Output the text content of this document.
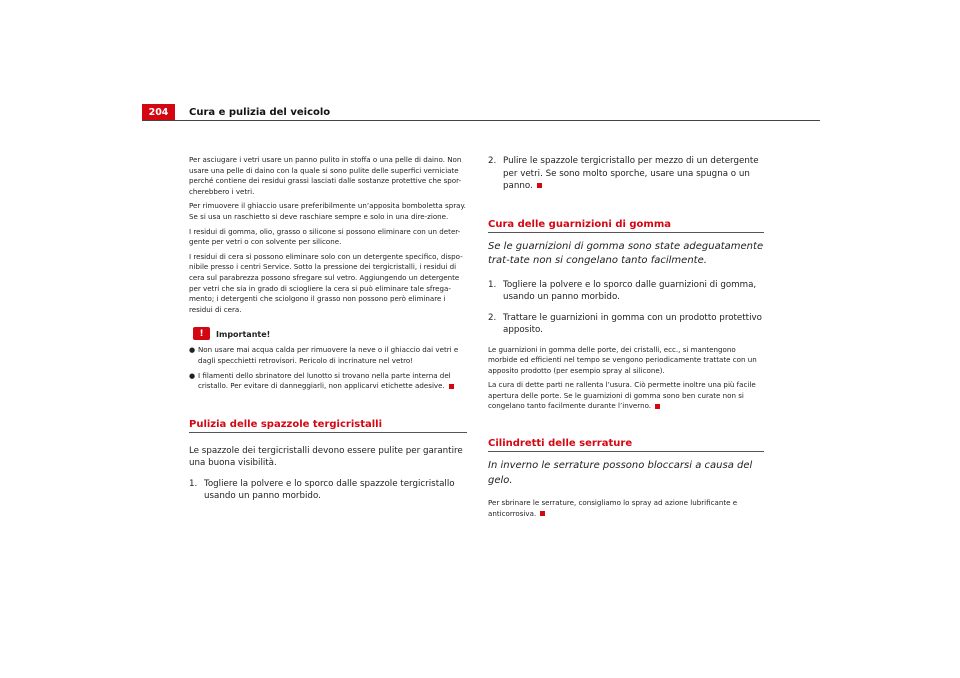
204	Cura e pulizia del veicolo

Per asciugare i vetri usare un panno pulito in stoffa o una pelle di daino. Non usare una pelle di daino con la quale si sono pulite delle superfici verniciate perché contiene dei residui grassi lasciati dalle sostanze protettive che spor-cherebbero i vetri.

Per rimuovere il ghiaccio usare preferibilmente un’apposita bomboletta spray. Se si usa un raschietto si deve raschiare sempre e solo in una dire-zione.

I residui di gomma, olio, grasso o silicone si possono eliminare con un deter-gente per vetri o con solvente per silicone.

I residui di cera si possono eliminare solo con un detergente specifico, dispo-nibile presso i centri Service. Sotto la pressione dei tergicristalli, i residui di cera sul parabrezza possono sfregare sul vetro. Aggiungendo un detergente per vetri che sia in grado di sciogliere la cera si può eliminare tale sfrega-mento; i detergenti che sciolgono il grasso non possono però eliminare i residui di cera.

!	Importante!
● Non usare mai acqua calda per rimuovere la neve o il ghiaccio dai vetri e dagli specchietti retrovisori. Pericolo di incrinature nel vetro!
● I filamenti dello sbrinatore del lunotto si trovano nella parte interna del cristallo. Per evitare di danneggiarli, non applicarvi etichette adesive.
Pulizia delle spazzole tergicristalli

Le spazzole dei tergicristalli devono essere pulite per garantire una buona visibilità.

1. Togliere la polvere e lo sporco dalle spazzole tergicristallo usando un panno morbido.
2. Pulire le spazzole tergicristallo per mezzo di un detergente per vetri. Se sono molto sporche, usare una spugna o un panno.
Cura delle guarnizioni di gomma
Se le guarnizioni di gomma sono state adeguatamente trat-tate non si congelano tanto facilmente.
1. Togliere la polvere e lo sporco dalle guarnizioni di gomma, usando un panno morbido.
2. Trattare le guarnizioni in gomma con un prodotto protettivo apposito.

Le guarnizioni in gomma delle porte, dei cristalli, ecc., si mantengono morbide ed efficienti nel tempo se vengono periodicamente trattate con un apposito prodotto (per esempio spray al silicone).

La cura di dette parti ne rallenta l’usura. Ciò permette inoltre una più facile apertura delle porte. Se le guarnizioni di gomma sono ben curate non si congelano tanto facilmente durante l’inverno.

Cilindretti delle serrature
In inverno le serrature possono bloccarsi a causa del gelo.

Per sbrinare le serrature, consigliamo lo spray ad azione lubrificante e anticorrosiva.
